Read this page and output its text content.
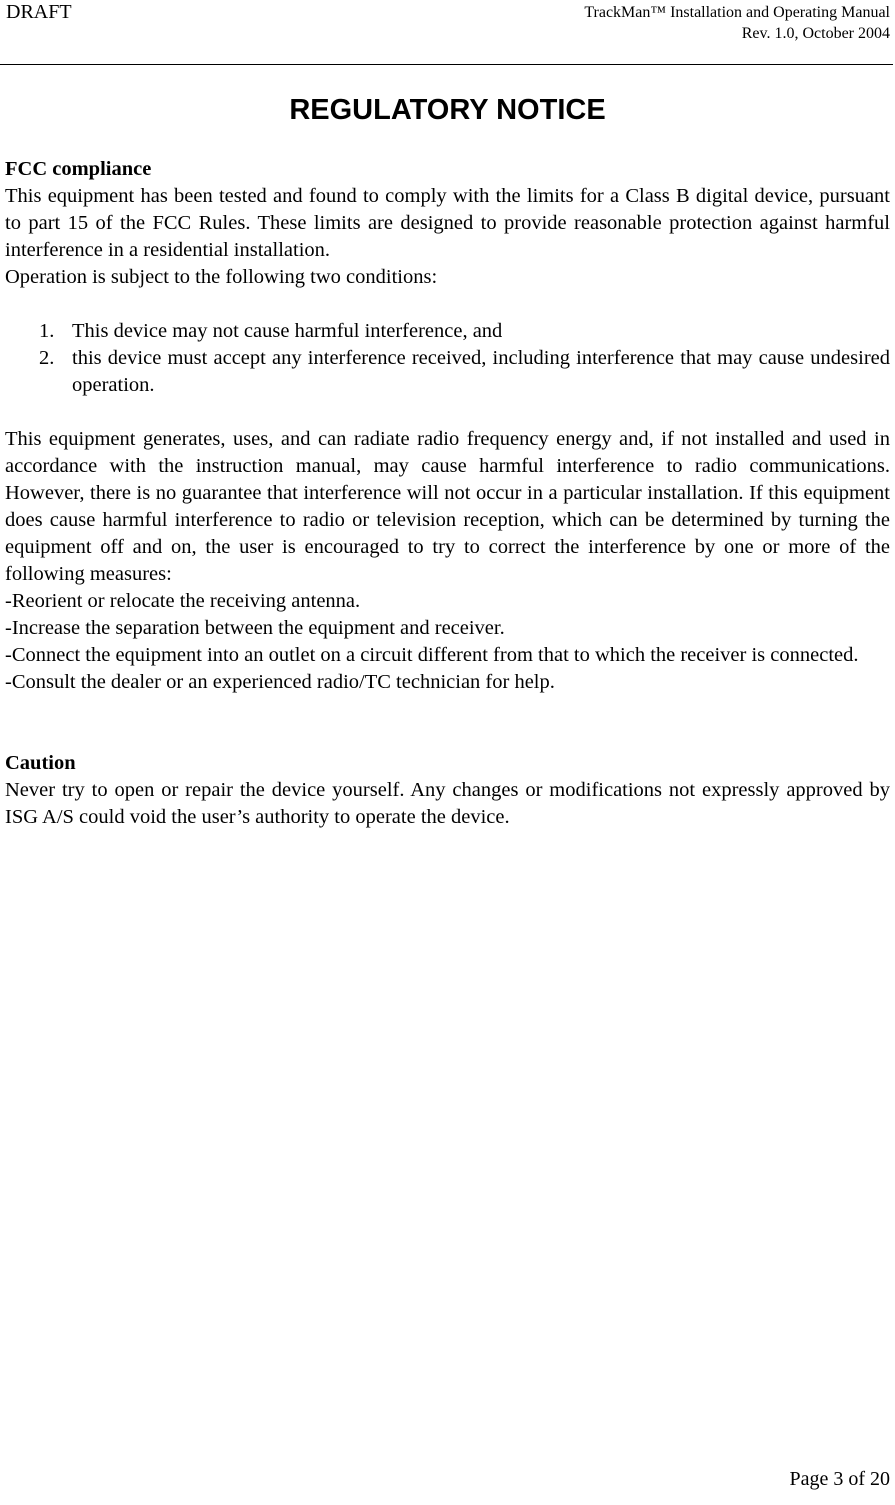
DRAFT	TrackMan™ Installation and Operating Manual
Rev. 1.0, October 2004
REGULATORY NOTICE

FCC compliance

This equipment has been tested and found to comply with the limits for a Class B digital device, pursuant to part 15 of the FCC Rules. These limits are designed to provide reasonable protection against harmful interference in a residential installation.

Operation is subject to the following two conditions:

1. This device may not cause harmful interference, and
2. this device must accept any interference received, including interference that may cause undesired operation.

This equipment generates, uses, and can radiate radio frequency energy and, if not installed and used in accordance with the instruction manual, may cause harmful interference to radio communications. However, there is no guarantee that interference will not occur in a particular installation. If this equipment does cause harmful interference to radio or television reception, which can be determined by turning the equipment off and on, the user is encouraged to try to correct the interference by one or more of the following measures:

-Reorient or relocate the receiving antenna.

-Increase the separation between the equipment and receiver.

-Connect the equipment into an outlet on a circuit different from that to which the receiver is connected.

-Consult the dealer or an experienced radio/TC technician for help.

Caution

Never try to open or repair the device yourself. Any changes or modifications not expressly approved by ISG A/S could void the user’s authority to operate the device.

Page 3 of 20
